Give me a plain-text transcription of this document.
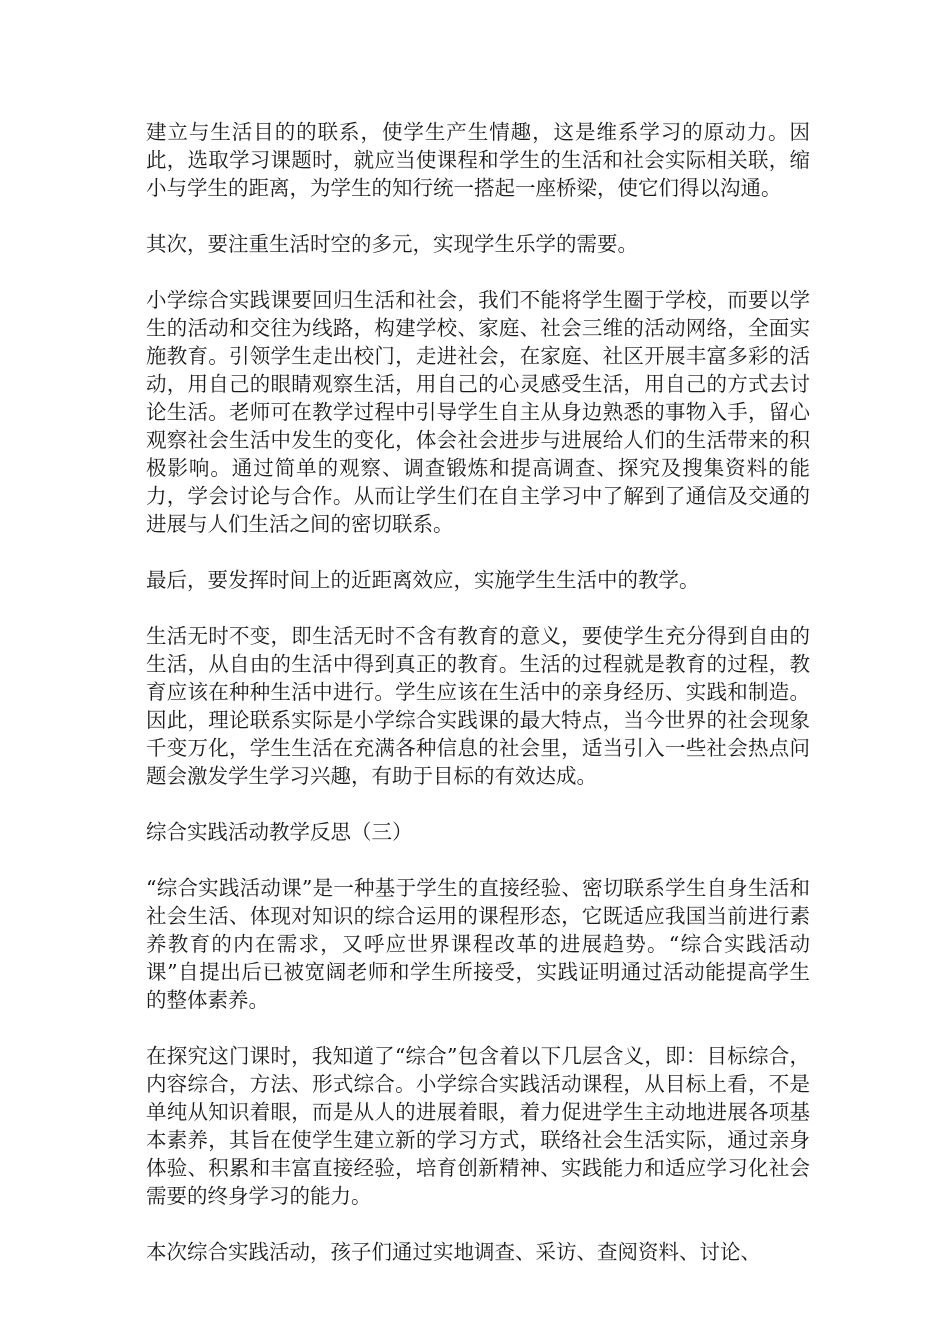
建立与生活目的的联系，使学生产生情趣，这是维系学习的原动力。因此，选取学习课题时，就应当使课程和学生的生活和社会实际相关联，缩小与学生的距离，为学生的知行统一搭起一座桥梁，使它们得以沟通。

其次，要注重生活时空的多元，实现学生乐学的需要。

小学综合实践课要回归生活和社会，我们不能将学生圈于学校，而要以学生的活动和交往为线路，构建学校、家庭、社会三维的活动网络，全面实施教育。引领学生走出校门，走进社会，在家庭、社区开展丰富多彩的活动，用自己的眼睛观察生活，用自己的心灵感受生活，用自己的方式去讨论生活。老师可在教学过程中引导学生自主从身边熟悉的事物入手，留心观察社会生活中发生的变化，体会社会进步与进展给人们的生活带来的积极影响。通过简单的观察、调查锻炼和提高调查、探究及搜集资料的能力，学会讨论与合作。从而让学生们在自主学习中了解到了通信及交通的进展与人们生活之间的密切联系。

最后，要发挥时间上的近距离效应，实施学生生活中的教学。

生活无时不变，即生活无时不含有教育的意义，要使学生充分得到自由的生活，从自由的生活中得到真正的教育。生活的过程就是教育的过程，教育应该在种种生活中进行。学生应该在生活中的亲身经历、实践和制造。因此，理论联系实际是小学综合实践课的最大特点，当今世界的社会现象千变万化，学生生活在充满各种信息的社会里，适当引入一些社会热点问题会激发学生学习兴趣，有助于目标的有效达成。

综合实践活动教学反思（三）

“综合实践活动课”是一种基于学生的直接经验、密切联系学生自身生活和社会生活、体现对知识的综合运用的课程形态，它既适应我国当前进行素养教育的内在需求，又呼应世界课程改革的进展趋势。“综合实践活动课”自提出后已被宽阔老师和学生所接受，实践证明通过活动能提高学生的整体素养。

在探究这门课时，我知道了“综合”包含着以下几层含义，即：目标综合，内容综合，方法、形式综合。小学综合实践活动课程，从目标上看，不是单纯从知识着眼，而是从人的进展着眼，着力促进学生主动地进展各项基本素养，其旨在使学生建立新的学习方式，联络社会生活实际，通过亲身体验、积累和丰富直接经验，培育创新精神、实践能力和适应学习化社会需要的终身学习的能力。

本次综合实践活动，孩子们通过实地调查、采访、查阅资料、讨论、
